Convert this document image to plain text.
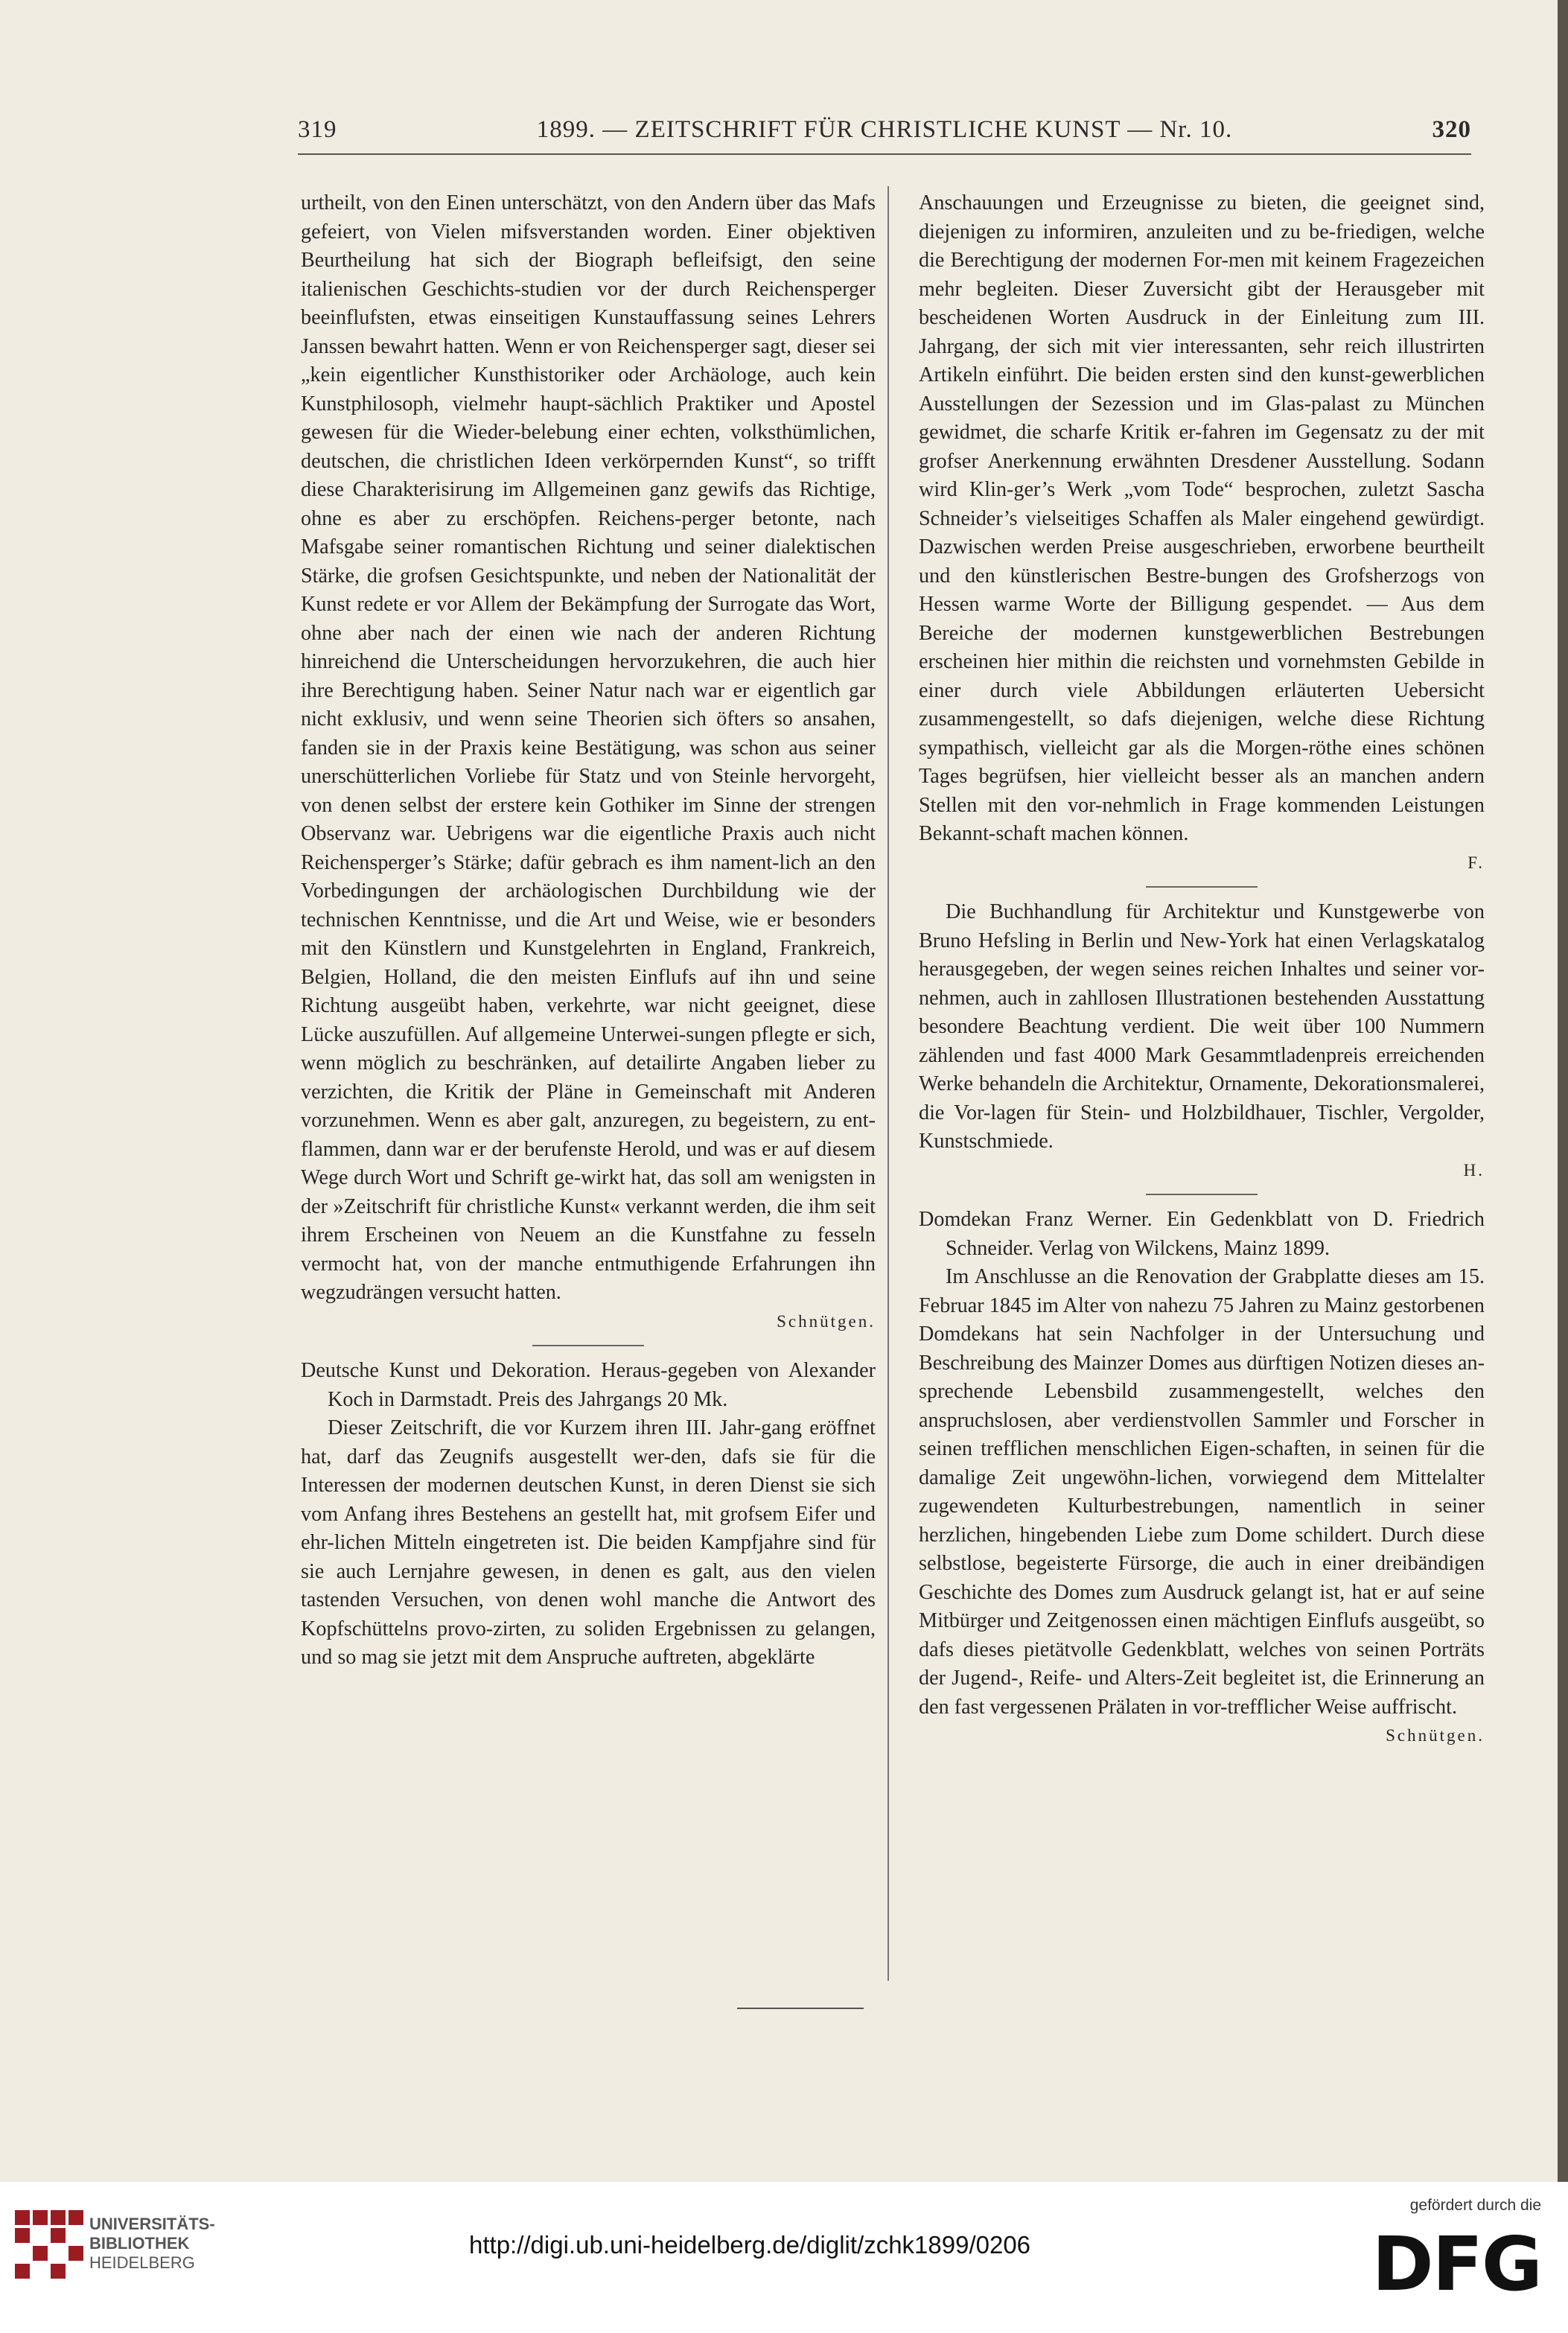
319	1899. — ZEITSCHRIFT FÜR CHRISTLICHE KUNST — Nr. 10.	320

urtheilt, von den Einen unterschätzt, von den Andern über das Mafs gefeiert, von Vielen mifsverstanden worden. Einer objektiven Beurtheilung hat sich der Biograph befleifsigt, den seine italienischen Geschichts-studien vor der durch Reichensperger beeinflufsten, etwas einseitigen Kunstauffassung seines Lehrers Janssen bewahrt hatten. Wenn er von Reichensperger sagt, dieser sei „kein eigentlicher Kunsthistoriker oder Archäologe, auch kein Kunstphilosoph, vielmehr haupt-sächlich Praktiker und Apostel gewesen für die Wieder-belebung einer echten, volksthümlichen, deutschen, die christlichen Ideen verkörpernden Kunst“, so trifft diese Charakterisirung im Allgemeinen ganz gewifs das Richtige, ohne es aber zu erschöpfen. Reichens-perger betonte, nach Mafsgabe seiner romantischen Richtung und seiner dialektischen Stärke, die grofsen Gesichtspunkte, und neben der Nationalität der Kunst redete er vor Allem der Bekämpfung der Surrogate das Wort, ohne aber nach der einen wie nach der anderen Richtung hinreichend die Unterscheidungen hervorzukehren, die auch hier ihre Berechtigung haben. Seiner Natur nach war er eigentlich gar nicht exklusiv, und wenn seine Theorien sich öfters so ansahen, fanden sie in der Praxis keine Bestätigung, was schon aus seiner unerschütterlichen Vorliebe für Statz und von Steinle hervorgeht, von denen selbst der erstere kein Gothiker im Sinne der strengen Observanz war. Uebrigens war die eigentliche Praxis auch nicht Reichensperger’s Stärke; dafür gebrach es ihm nament-lich an den Vorbedingungen der archäologischen Durchbildung wie der technischen Kenntnisse, und die Art und Weise, wie er besonders mit den Künstlern und Kunstgelehrten in England, Frankreich, Belgien, Holland, die den meisten Einflufs auf ihn und seine Richtung ausgeübt haben, verkehrte, war nicht geeignet, diese Lücke auszufüllen. Auf allgemeine Unterwei-sungen pflegte er sich, wenn möglich zu beschränken, auf detailirte Angaben lieber zu verzichten, die Kritik der Pläne in Gemeinschaft mit Anderen vorzunehmen. Wenn es aber galt, anzuregen, zu begeistern, zu ent-flammen, dann war er der berufenste Herold, und was er auf diesem Wege durch Wort und Schrift ge-wirkt hat, das soll am wenigsten in der »Zeitschrift für christliche Kunst« verkannt werden, die ihm seit ihrem Erscheinen von Neuem an die Kunstfahne zu fesseln vermocht hat, von der manche entmuthigende Erfahrungen ihn wegzudrängen versucht hatten.

Schnütgen.

Deutsche Kunst und Dekoration. Heraus-gegeben von Alexander Koch in Darmstadt. Preis des Jahrgangs 20 Mk.

Dieser Zeitschrift, die vor Kurzem ihren III. Jahr-gang eröffnet hat, darf das Zeugnifs ausgestellt wer-den, dafs sie für die Interessen der modernen deutschen Kunst, in deren Dienst sie sich vom Anfang ihres Bestehens an gestellt hat, mit grofsem Eifer und ehr-lichen Mitteln eingetreten ist. Die beiden Kampfjahre sind für sie auch Lernjahre gewesen, in denen es galt, aus den vielen tastenden Versuchen, von denen wohl manche die Antwort des Kopfschüttelns provo-zirten, zu soliden Ergebnissen zu gelangen, und so mag sie jetzt mit dem Anspruche auftreten, abgeklärte

Anschauungen und Erzeugnisse zu bieten, die geeignet sind, diejenigen zu informiren, anzuleiten und zu be-friedigen, welche die Berechtigung der modernen For-men mit keinem Fragezeichen mehr begleiten. Dieser Zuversicht gibt der Herausgeber mit bescheidenen Worten Ausdruck in der Einleitung zum III. Jahrgang, der sich mit vier interessanten, sehr reich illustrirten Artikeln einführt. Die beiden ersten sind den kunst-gewerblichen Ausstellungen der Sezession und im Glas-palast zu München gewidmet, die scharfe Kritik er-fahren im Gegensatz zu der mit grofser Anerkennung erwähnten Dresdener Ausstellung. Sodann wird Klin-ger’s Werk „vom Tode“ besprochen, zuletzt Sascha Schneider’s vielseitiges Schaffen als Maler eingehend gewürdigt. Dazwischen werden Preise ausgeschrieben, erworbene beurtheilt und den künstlerischen Bestre-bungen des Grofsherzogs von Hessen warme Worte der Billigung gespendet. — Aus dem Bereiche der modernen kunstgewerblichen Bestrebungen erscheinen hier mithin die reichsten und vornehmsten Gebilde in einer durch viele Abbildungen erläuterten Uebersicht zusammengestellt, so dafs diejenigen, welche diese Richtung sympathisch, vielleicht gar als die Morgen-röthe eines schönen Tages begrüfsen, hier vielleicht besser als an manchen andern Stellen mit den vor-nehmlich in Frage kommenden Leistungen Bekannt-schaft machen können.

F.

Die Buchhandlung für Architektur und Kunstgewerbe von Bruno Hefsling in Berlin und New-York hat einen Verlagskatalog herausgegeben, der wegen seines reichen Inhaltes und seiner vor-nehmen, auch in zahllosen Illustrationen bestehenden Ausstattung besondere Beachtung verdient. Die weit über 100 Nummern zählenden und fast 4000 Mark Gesammtladenpreis erreichenden Werke behandeln die Architektur, Ornamente, Dekorationsmalerei, die Vor-lagen für Stein- und Holzbildhauer, Tischler, Vergolder, Kunstschmiede.

H.

Domdekan Franz Werner. Ein Gedenkblatt von D. Friedrich Schneider. Verlag von Wilckens, Mainz 1899.

Im Anschlusse an die Renovation der Grabplatte dieses am 15. Februar 1845 im Alter von nahezu 75 Jahren zu Mainz gestorbenen Domdekans hat sein Nachfolger in der Untersuchung und Beschreibung des Mainzer Domes aus dürftigen Notizen dieses an-sprechende Lebensbild zusammengestellt, welches den anspruchslosen, aber verdienstvollen Sammler und Forscher in seinen trefflichen menschlichen Eigen-schaften, in seinen für die damalige Zeit ungewöhn-lichen, vorwiegend dem Mittelalter zugewendeten Kulturbestrebungen, namentlich in seiner herzlichen, hingebenden Liebe zum Dome schildert. Durch diese selbstlose, begeisterte Fürsorge, die auch in einer dreibändigen Geschichte des Domes zum Ausdruck gelangt ist, hat er auf seine Mitbürger und Zeitgenossen einen mächtigen Einflufs ausgeübt, so dafs dieses pietätvolle Gedenkblatt, welches von seinen Porträts der Jugend-, Reife- und Alters-Zeit begleitet ist, die Erinnerung an den fast vergessenen Prälaten in vor-trefflicher Weise auffrischt.

Schnütgen.

UNIVERSITÄTS-
BIBLIOTHEK
HEIDELBERG
http://digi.ub.uni-heidelberg.de/diglit/zchk1899/0206
gefördert durch die
DFG
